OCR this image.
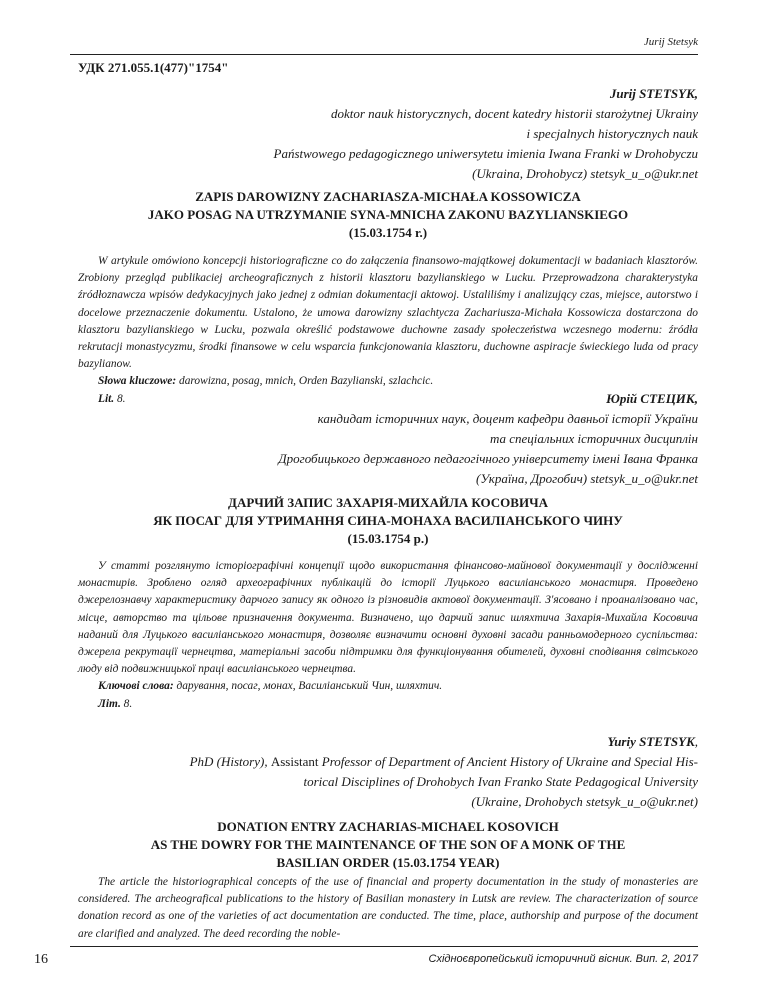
Jurij Stetsyk
УДК 271.055.1(477)"1754"
Jurij STETSYK,
doktor nauk historycznych, docent katedry historii starożytnej Ukrainy
i specjalnych historycznych nauk
Państwowego pedagogicznego uniwersytetu imienia Iwana Franki w Drohobyczu
(Ukraina, Drohobycz) stetsyk_u_o@ukr.net
ZAPIS DAROWIZNY ZACHARIASZA-MICHAŁA KOSSOWICZA
JAKO POSAG NA UTRZYMANIE SYNA-MNICHA ZAKONU BAZYLIANSKIEGO
(15.03.1754 r.)
W artykule omówiono koncepcji historiograficzne co do załączenia finansowo-majątkowej dokumentacji w badaniach klasztorów. Zrobiony przegląd publikaciej archeograficznych z historii klasztoru bazylianskiego w Lucku. Przeprowadzona charakterystyka źródłoznawcza wpisów dedykacyjnych jako jednej z odmian dokumentacji aktowoj. Ustaliliśmy i analizujący czas, miejsce, autorstwo i docelowe przeznaczenie dokumentu. Ustalono, że umowa darowizny szlachtycza Zachariusza-Michała Kossowicza dostarczona do klasztoru bazylianskiego w Lucku, pozwala określić podstawowe duchowne zasady społeczeństwa wczesnego modernu: źródła rekrutacji monastycyzmu, środki finansowe w celu wsparcia funkcjonowania klasztoru, duchowne aspiracje świeckiego luda od pracy bazylianow.
Słowa kluczowe: darowizna, posag, mnich, Orden Bazylianski, szlachcic.
Lit. 8.	Юрій СТЕЦИК,
кандидат історичних наук, доцент кафедри давньої історії України
та спеціальних історичних дисциплін
Дрогобицького державного педагогічного університету імені Івана Франка
(Україна, Дрогобич) stetsyk_u_o@ukr.net
ДАРЧИЙ ЗАПИС ЗАХАРІЯ-МИХАЙЛА КОСОВИЧА
ЯК ПОСАГ ДЛЯ УТРИМАННЯ СИНА-МОНАХА ВАСИЛІАНСЬКОГО ЧИНУ
(15.03.1754 р.)
У статті розглянуто історіографічні концепції щодо використання фінансово-майнової документації у дослідженні монастирів. Зроблено огляд археографічних публікацій до історії Луцького василіанського монастиря. Проведено джерелознавчу характеристику дарчого запису як одного із різновидів актової документації. З'ясовано і проаналізовано час, місце, авторство та цільове призначення документа. Визначено, що дарчий запис шляхтича Захарія-Михайла Косовича наданий для Луцького василіанського монастиря, дозволяє визначити основні духовні засади ранньомодерного суспільства: джерела рекрутації чернецтва, матеріальні засоби підтримки для функціонування обителей, духовні сподівання світського люду від подвижницької праці василіанського чернецтва.
Ключові слова: дарування, посаг, монах, Василіанський Чин, шляхтич.
Літ. 8.
Yuriy STETSYK,
PhD (History), Assistant Professor of Department of Ancient History of Ukraine and Special His-
torical Disciplines of Drohobych Ivan Franko State Pedagogical University
(Ukraine, Drohobych stetsyk_u_o@ukr.net)
DONATION ENTRY ZACHARIAS-MICHAEL KOSOVICH
AS THE DOWRY FOR THE MAINTENANCE OF THE SON OF A MONK OF THE
BASILIAN ORDER (15.03.1754 YEAR)
The article the historiographical concepts of the use of financial and property documentation in the study of monasteries are considered. The archeografical publications to the history of Basilian monastery in Lutsk are review. The characterization of source donation record as one of the varieties of act documentation are conducted. The time, place, authorship and purpose of the document are clarified and analyzed. The deed recording the noble-
16	Східноєвропейський історичний вісник. Вип. 2, 2017
